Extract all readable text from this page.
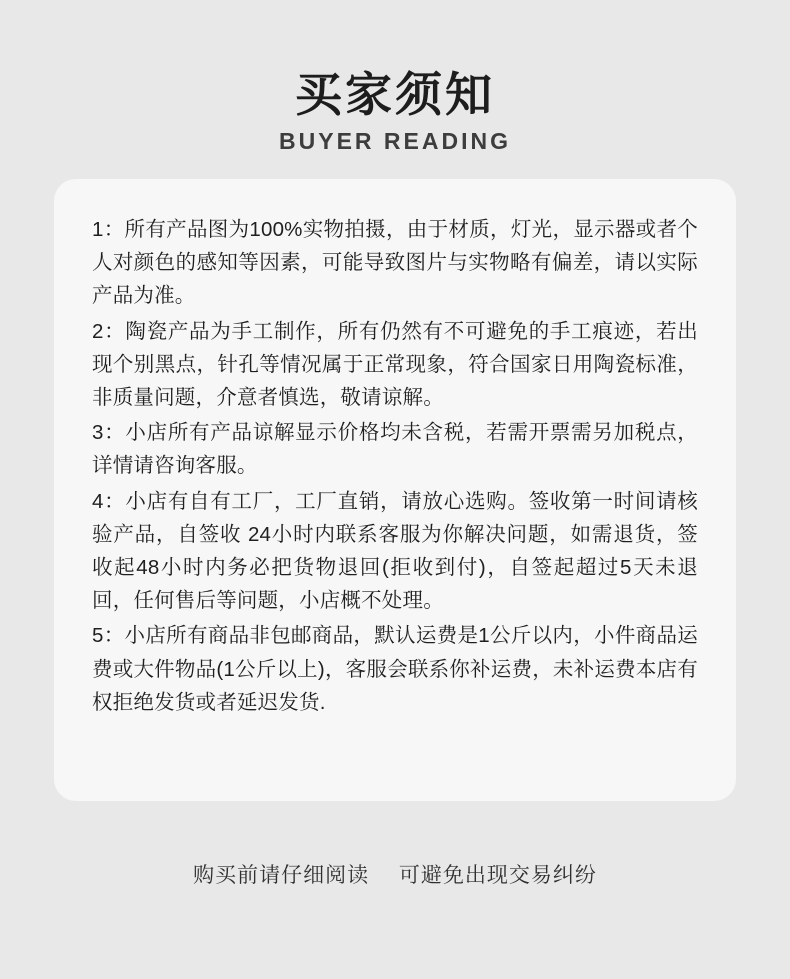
买家须知
BUYER READING

1：所有产品图为100%实物拍摄，由于材质，灯光，显示器或者个人对颜色的感知等因素，可能导致图片与实物略有偏差，请以实际产品为准。

2：陶瓷产品为手工制作，所有仍然有不可避免的手工痕迹，若出现个别黑点，针孔等情况属于正常现象，符合国家日用陶瓷标准，非质量问题，介意者慎选，敬请谅解。

3：小店所有产品谅解显示价格均未含税，若需开票需另加税点，详情请咨询客服。

4：小店有自有工厂，工厂直销，请放心选购。签收第一时间请核验产品，自签收 24小时内联系客服为你解决问题，如需退货，签收起48小时内务必把货物退回(拒收到付)，自签起超过5天未退回，任何售后等问题，小店概不处理。

5：小店所有商品非包邮商品，默认运费是1公斤以内，小件商品运费或大件物品(1公斤以上)，客服会联系你补运费，未补运费本店有权拒绝发货或者延迟发货.

购买前请仔细阅读 可避免出现交易纠纷
